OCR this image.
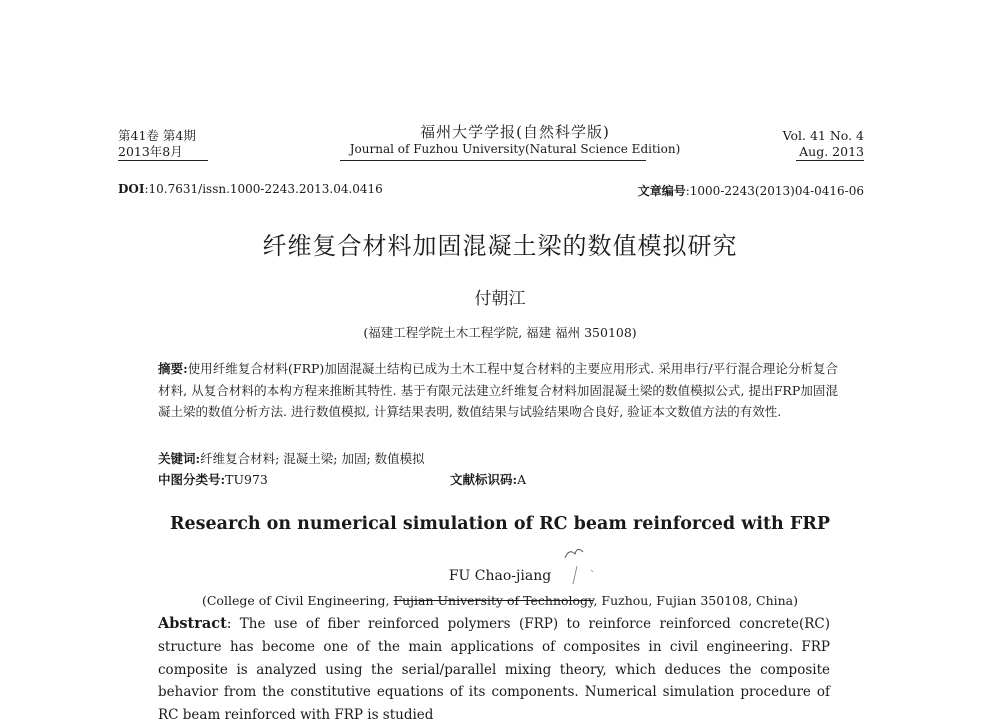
第41卷 第4期
2013年8月
福州大学学报(自然科学版)
Journal of Fuzhou University(Natural Science Edition)
Vol. 41 No. 4
Aug. 2013
DOI:10.7631/issn.1000-2243.2013.04.0416	文章编号:1000-2243(2013)04-0416-06
纤维复合材料加固混凝土梁的数值模拟研究
付朝江
(福建工程学院土木工程学院, 福建 福州 350108)
摘要:使用纤维复合材料(FRP)加固混凝土结构已成为土木工程中复合材料的主要应用形式. 采用串行/平行混合理论分析复合材料, 从复合材料的本构方程来推断其特性. 基于有限元法建立纤维复合材料加固混凝土梁的数值模拟公式, 提出FRP加固混凝土梁的数值分析方法. 进行数值模拟, 计算结果表明, 数值结果与试验结果吻合良好, 验证本文数值方法的有效性.
关键词:纤维复合材料; 混凝土梁; 加固; 数值模拟
中图分类号:TU973	文献标识码:A
Research on numerical simulation of RC beam reinforced with FRP
FU Chao-jiang
(College of Civil Engineering, Fujian University of Technology, Fuzhou, Fujian 350108, China)
Abstract: The use of fiber reinforced polymers (FRP) to reinforce reinforced concrete(RC) structure has become one of the main applications of composites in civil engineering. FRP composite is analyzed using the serial/parallel mixing theory, which deduces the composite behavior from the constitutive equations of its components. Numerical simulation procedure of RC beam reinforced with FRP is studied
